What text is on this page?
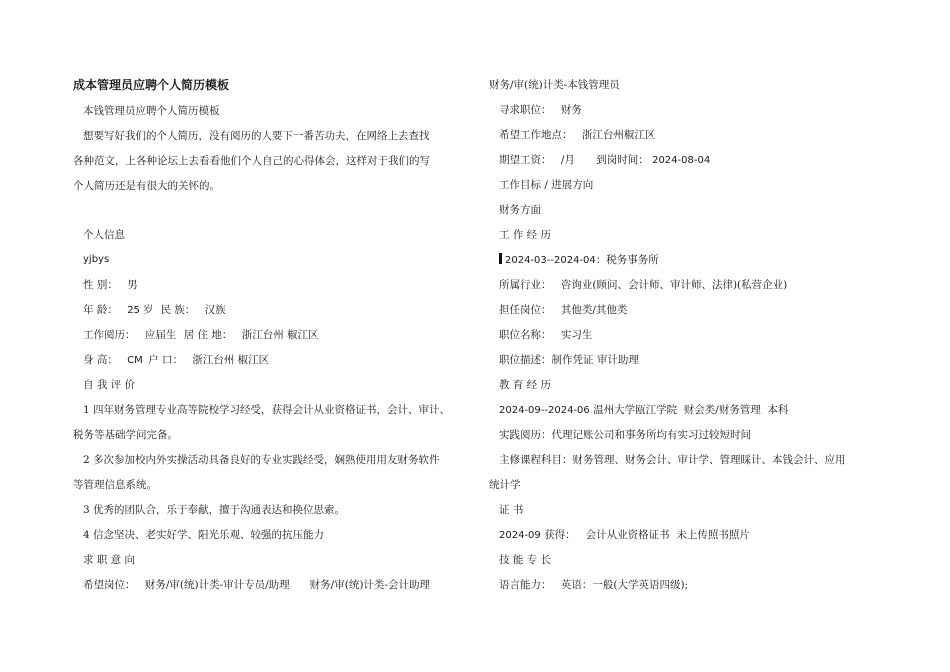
成本管理员应聘个人简历模板
本钱管理员应聘个人简历模板
想要写好我们的个人简历，没有阅历的人要下一番苦功夫，在网络上去查找
各种范文，上各种论坛上去看看他们个人自己的心得体会，这样对于我们的写
个人简历还是有很大的关怀的。
个人信息
yjbys
性 别： 男
年 龄： 25 岁 民 族： 汉族
工作阅历： 应届生 居 住 地： 浙江台州 椒江区
身 高： CM 户 口： 浙江台州 椒江区
自 我 评 价
1 四年财务管理专业高等院校学习经受，获得会计从业资格证书，会计、审计、
税务等基础学问完备。
2 多次参加校内外实操活动具备良好的专业实践经受，娴熟使用用友财务软件
等管理信息系统。
3 优秀的团队合，乐于奉献，擅于沟通表达和换位思索。
4 信念坚决、老实好学、阳光乐观、较强的抗压能力
求 职 意 向
希望岗位： 财务/审(统)计类-审计专员/助理      财务/审(统)计类-会计助理
财务/审(统)计类-本钱管理员
寻求职位： 财务
希望工作地点： 浙江台州椒江区
期望工资： /月 到岗时间： 2024-08-04
工作目标 / 进展方向
财务方面
工 作 经 历
2024-03--2024-04：税务事务所
所属行业： 咨询业(顾问、会计师、审计师、法律)(私营企业)
担任岗位： 其他类/其他类
职位名称： 实习生
职位描述：制作凭证 审计助理
教 育 经 历
2024-09--2024-06 温州大学瓯江学院  财会类/财务管理  本科
实践阅历：代理记账公司和事务所均有实习过较短时间
主修课程科目：财务管理、财务会计、审计学、管理睬计、本钱会计、应用
统计学
证 书
2024-09 获得：   会计从业资格证书  未上传照书照片
技 能 专 长
语言能力： 英语：一般(大学英语四级);
